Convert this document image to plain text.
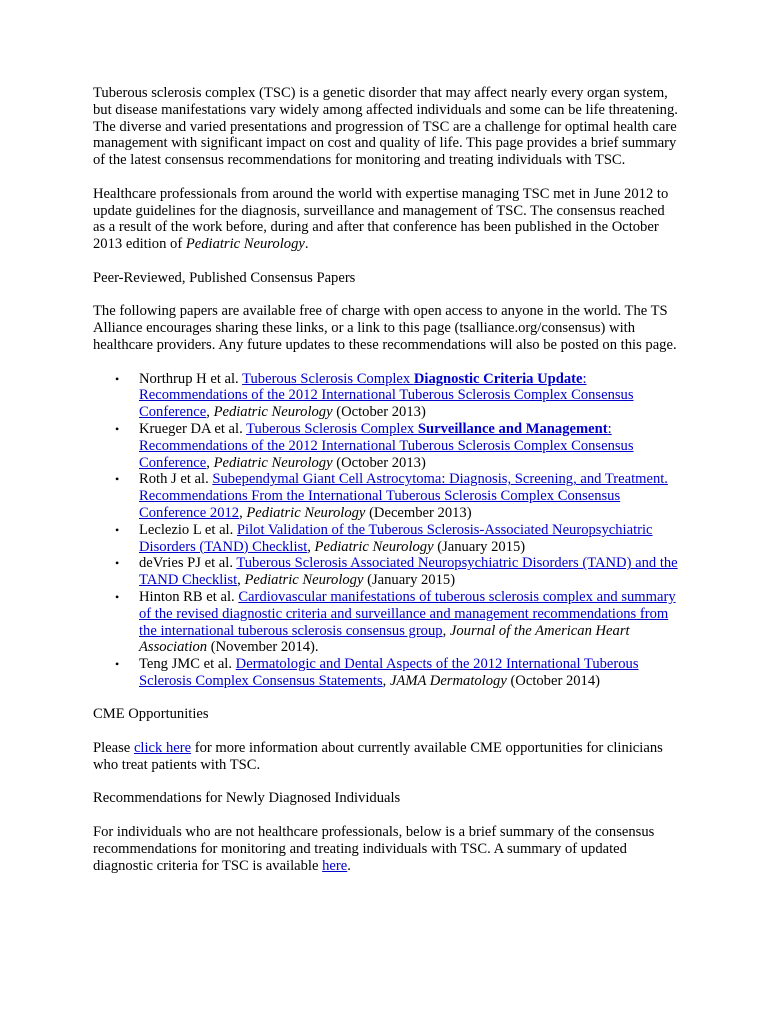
Tuberous sclerosis complex (TSC) is a genetic disorder that may affect nearly every organ system, but disease manifestations vary widely among affected individuals and some can be life threatening. The diverse and varied presentations and progression of TSC are a challenge for optimal health care management with significant impact on cost and quality of life. This page provides a brief summary of the latest consensus recommendations for monitoring and treating individuals with TSC.

Healthcare professionals from around the world with expertise managing TSC met in June 2012 to update guidelines for the diagnosis, surveillance and management of TSC. The consensus reached as a result of the work before, during and after that conference has been published in the October 2013 edition of Pediatric Neurology.

Peer-Reviewed, Published Consensus Papers

The following papers are available free of charge with open access to anyone in the world. The TS Alliance encourages sharing these links, or a link to this page (tsalliance.org/consensus) with healthcare providers. Any future updates to these recommendations will also be posted on this page.

• Northrup H et al. Tuberous Sclerosis Complex Diagnostic Criteria Update: Recommendations of the 2012 International Tuberous Sclerosis Complex Consensus Conference, Pediatric Neurology (October 2013)
• Krueger DA et al. Tuberous Sclerosis Complex Surveillance and Management: Recommendations of the 2012 International Tuberous Sclerosis Complex Consensus Conference, Pediatric Neurology (October 2013)
• Roth J et al. Subependymal Giant Cell Astrocytoma: Diagnosis, Screening, and Treatment. Recommendations From the International Tuberous Sclerosis Complex Consensus Conference 2012, Pediatric Neurology (December 2013)
• Leclezio L et al. Pilot Validation of the Tuberous Sclerosis-Associated Neuropsychiatric Disorders (TAND) Checklist, Pediatric Neurology (January 2015)
• deVries PJ et al. Tuberous Sclerosis Associated Neuropsychiatric Disorders (TAND) and the TAND Checklist, Pediatric Neurology (January 2015)
• Hinton RB et al. Cardiovascular manifestations of tuberous sclerosis complex and summary of the revised diagnostic criteria and surveillance and management recommendations from the international tuberous sclerosis consensus group, Journal of the American Heart Association (November 2014).
• Teng JMC et al. Dermatologic and Dental Aspects of the 2012 International Tuberous Sclerosis Complex Consensus Statements, JAMA Dermatology (October 2014)

CME Opportunities

Please click here for more information about currently available CME opportunities for clinicians who treat patients with TSC.

Recommendations for Newly Diagnosed Individuals

For individuals who are not healthcare professionals, below is a brief summary of the consensus recommendations for monitoring and treating individuals with TSC. A summary of updated diagnostic criteria for TSC is available here.
